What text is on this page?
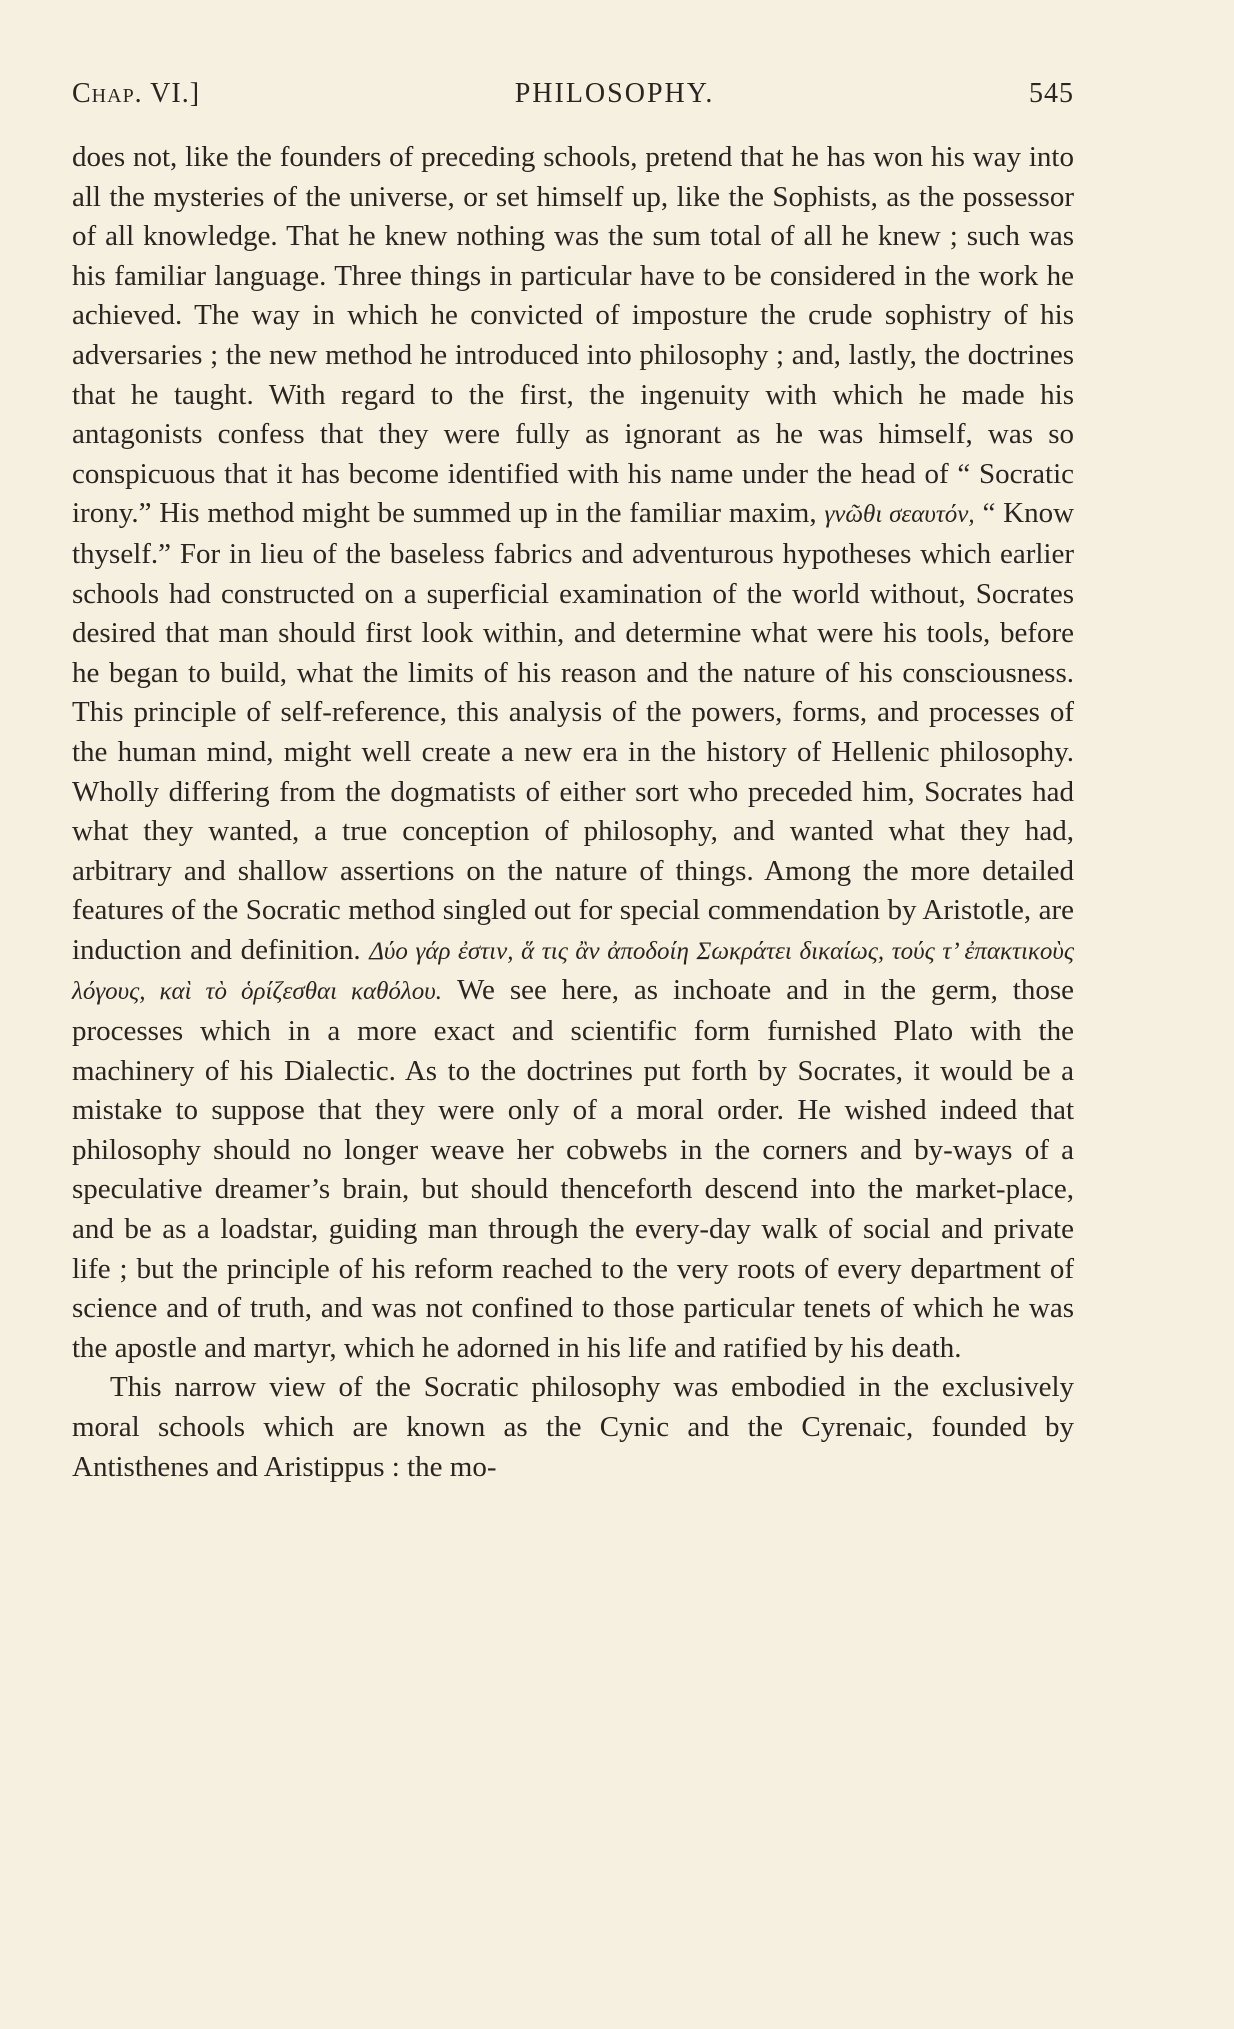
Chap. VI.]	PHILOSOPHY.	545

does not, like the founders of preceding schools, pretend that he has won his way into all the mysteries of the universe, or set himself up, like the Sophists, as the possessor of all knowledge. That he knew nothing was the sum total of all he knew ; such was his familiar language. Three things in particular have to be considered in the work he achieved. The way in which he convicted of imposture the crude sophistry of his adversaries ; the new method he introduced into philosophy ; and, lastly, the doctrines that he taught. With regard to the first, the ingenuity with which he made his antagonists confess that they were fully as ignorant as he was himself, was so conspicuous that it has become identified with his name under the head of “ Socratic irony.” His method might be summed up in the familiar maxim, γνῶθι σεαυτόν, “ Know thyself.” For in lieu of the baseless fabrics and adventurous hypotheses which earlier schools had constructed on a superficial examination of the world without, Socrates desired that man should first look within, and determine what were his tools, before he began to build, what the limits of his reason and the nature of his consciousness. This principle of self-reference, this analysis of the powers, forms, and processes of the human mind, might well create a new era in the history of Hellenic philosophy. Wholly differing from the dogmatists of either sort who preceded him, Socrates had what they wanted, a true conception of philosophy, and wanted what they had, arbitrary and shallow assertions on the nature of things. Among the more detailed features of the Socratic method singled out for special commendation by Aristotle, are induction and definition. Δύο γάρ ἐστιν, ἅ τις ἂν ἀποδοίη Σωκράτει δικαίως, τούς τ’ ἐπακτικοὺς λόγους, καὶ τὸ ὁρίζεσθαι καθόλου. We see here, as inchoate and in the germ, those processes which in a more exact and scientific form furnished Plato with the machinery of his Dialectic. As to the doctrines put forth by Socrates, it would be a mistake to suppose that they were only of a moral order. He wished indeed that philosophy should no longer weave her cobwebs in the corners and by-ways of a speculative dreamer’s brain, but should thenceforth descend into the market-place, and be as a loadstar, guiding man through the every-day walk of social and private life ; but the principle of his reform reached to the very roots of every department of science and of truth, and was not confined to those particular tenets of which he was the apostle and martyr, which he adorned in his life and ratified by his death.

This narrow view of the Socratic philosophy was embodied in the exclusively moral schools which are known as the Cynic and the Cyrenaic, founded by Antisthenes and Aristippus : the mo-
